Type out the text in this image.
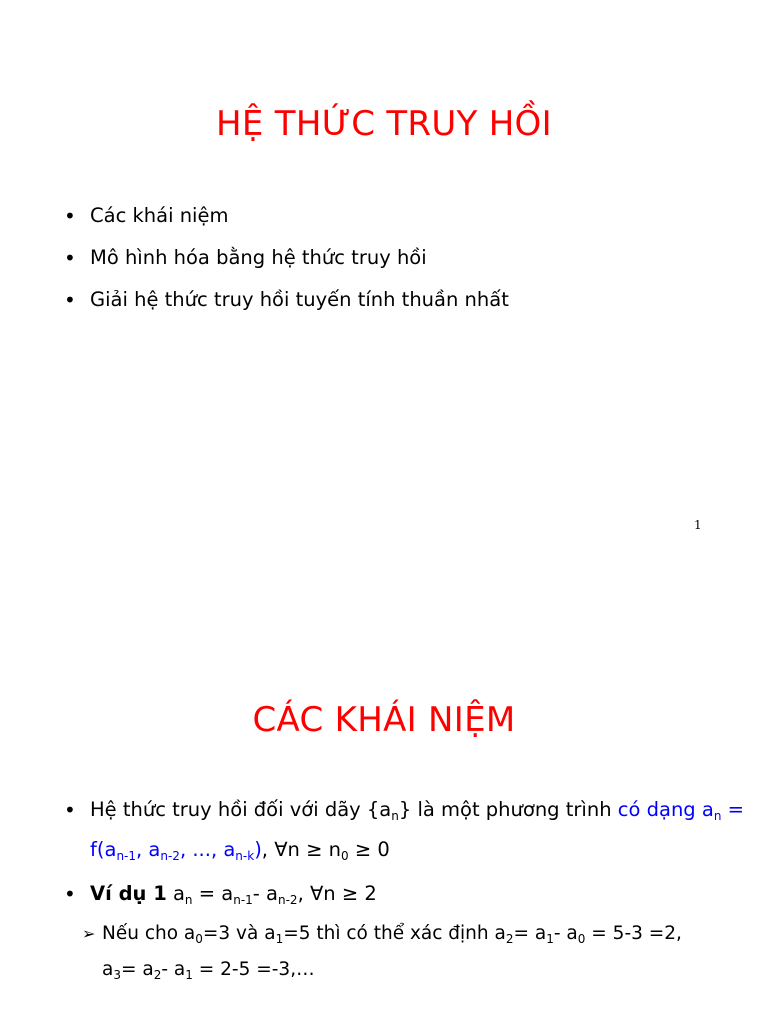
HỆ THỨC TRUY HỒI
• Các khái niệm
• Mô hình hóa bằng hệ thức truy hồi
• Giải hệ thức truy hồi tuyến tính thuần nhất
1
CÁC KHÁI NIỆM
• Hệ thức truy hồi đối với dãy $\{a_n\}$ là một phương trình có dạng $a_n = f(a_{n-1}$, $a_{n-2}$, ..., $a_{n-k}$), ∀n ≥ $n_0 \ge 0$
• Ví dụ 1 $a_n = a_{n-1}-$ $a_{n-2}$, ∀n ≥ 2
➢ Nếu cho $a_0=3$ và $a_1=5$ thì có thể xác định $a_2= a_1-$ $a_0 = 5-3 =2$, $a_3= a_2-$ $a_1 = 2-5$ =-3,…
